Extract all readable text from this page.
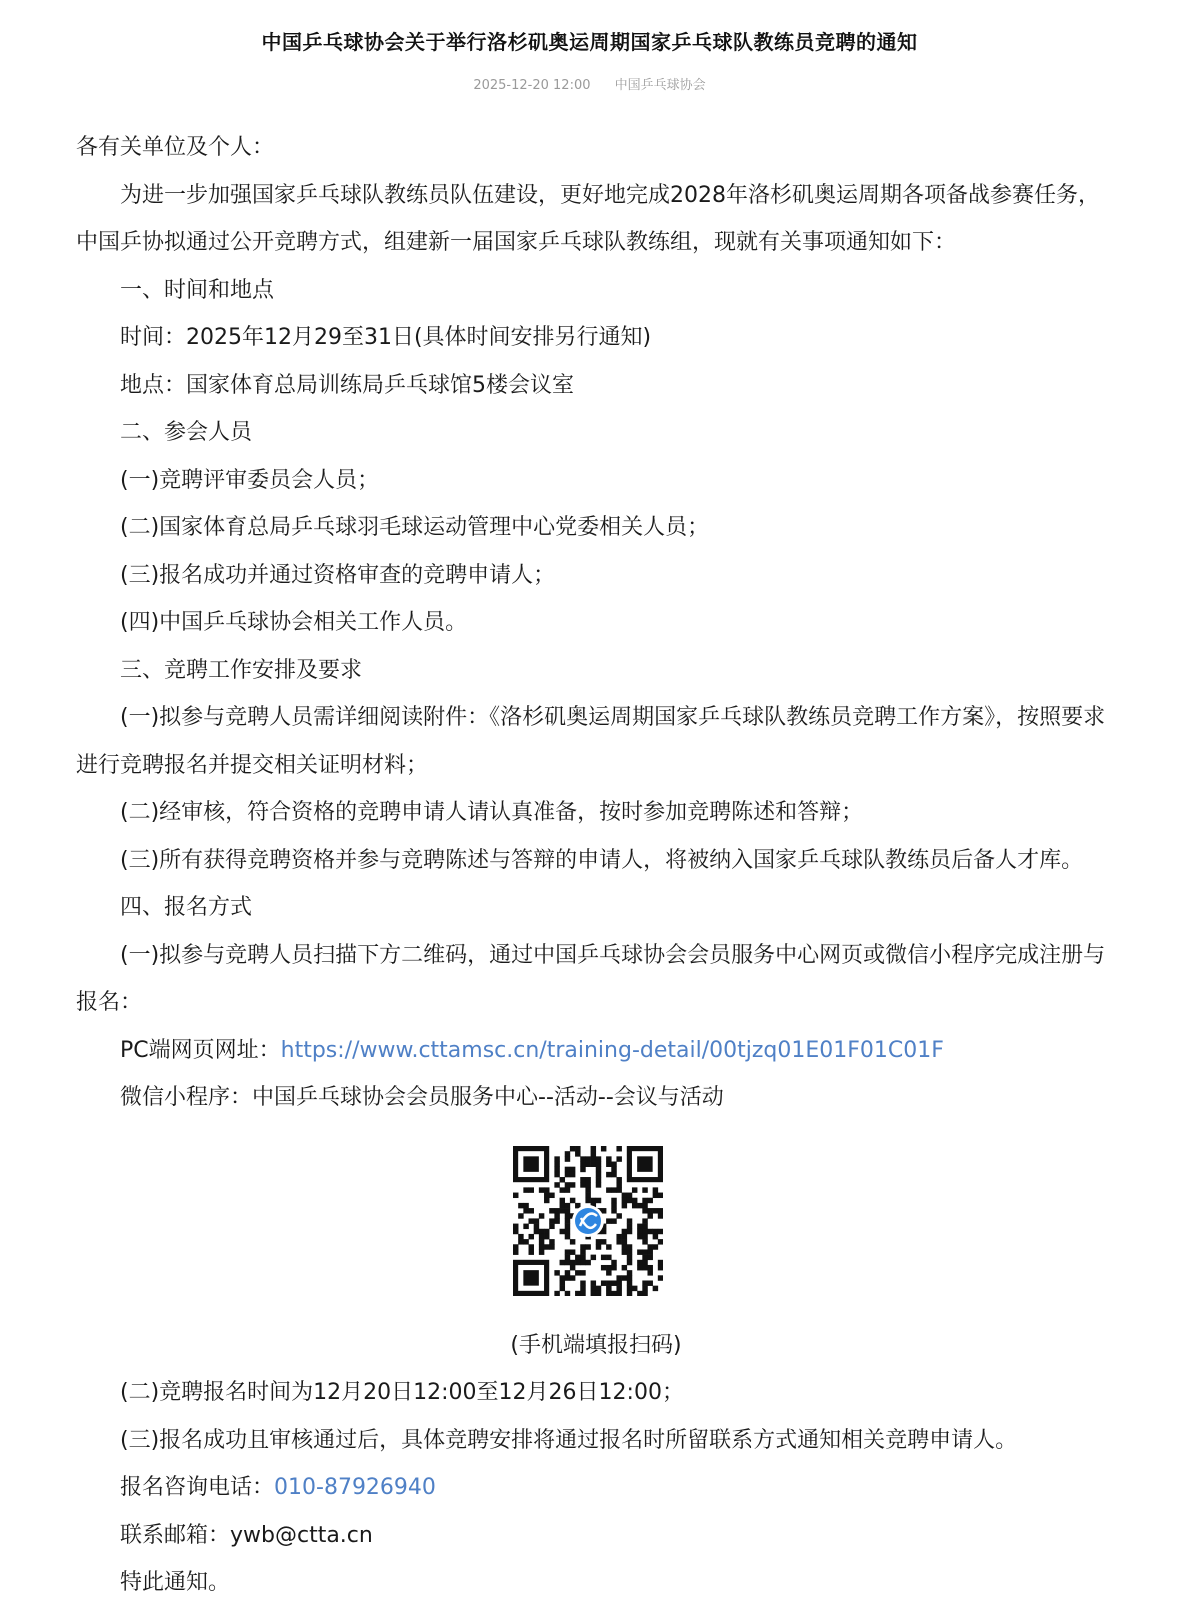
中国乒乓球协会关于举行洛杉矶奥运周期国家乒乓球队教练员竞聘的通知
2025-12-20 12:00 中国乒乓球协会

各有关单位及个人：

为进一步加强国家乒乓球队教练员队伍建设，更好地完成2028年洛杉矶奥运周期各项备战参赛任务，中国乒协拟通过公开竞聘方式，组建新一届国家乒乓球队教练组，现就有关事项通知如下：

一、时间和地点

时间：2025年12月29至31日(具体时间安排另行通知)

地点：国家体育总局训练局乒乓球馆5楼会议室

二、参会人员

(一)竞聘评审委员会人员；

(二)国家体育总局乒乓球羽毛球运动管理中心党委相关人员；

(三)报名成功并通过资格审查的竞聘申请人；

(四)中国乒乓球协会相关工作人员。

三、竞聘工作安排及要求

(一)拟参与竞聘人员需详细阅读附件：《洛杉矶奥运周期国家乒乓球队教练员竞聘工作方案》，按照要求进行竞聘报名并提交相关证明材料；

(二)经审核，符合资格的竞聘申请人请认真准备，按时参加竞聘陈述和答辩；

(三)所有获得竞聘资格并参与竞聘陈述与答辩的申请人，将被纳入国家乒乓球队教练员后备人才库。

四、报名方式

(一)拟参与竞聘人员扫描下方二维码，通过中国乒乓球协会会员服务中心网页或微信小程序完成注册与报名：

PC端网页网址：https://www.cttamsc.cn/training-detail/00tjzq01E01F01C01F

微信小程序：中国乒乓球协会会员服务中心--活动--会议与活动

(手机端填报扫码)

(二)竞聘报名时间为12月20日12:00至12月26日12:00；

(三)报名成功且审核通过后，具体竞聘安排将通过报名时所留联系方式通知相关竞聘申请人。

报名咨询电话：010-87926940

联系邮箱：ywb@ctta.cn

特此通知。
